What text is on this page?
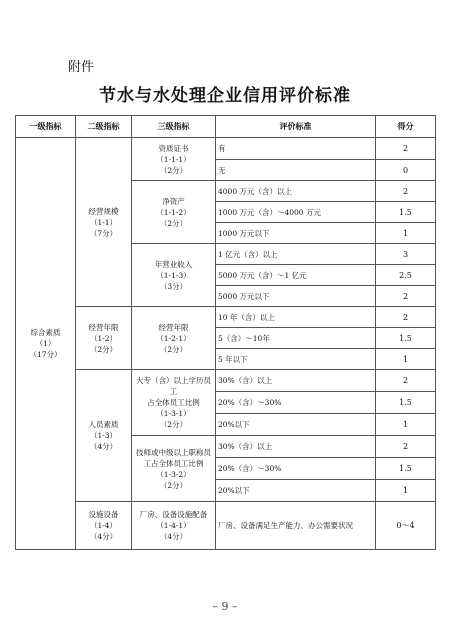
附件
节水与水处理企业信用评价标准
一级指标	二级指标	三级指标	评价标准	得分

综合素质
（1）
（17分）	经营规模
（1-1）
（7分）	资质证书
（1-1-1）
（2分）	有	2
			无	0

		净资产
（1-1-2）
（2分）	4000 万元（含）以上	2
			1000 万元（含）～4000 万元	1.5
			1000 万元以下	1

		年营业收入
（1-1-3）
（3分）	1 亿元（含）以上	3
			5000 万元（含）～1 亿元	2.5
			5000 万元以下	2

	经营年限
（1-2）
（2分）	经营年限
（1-2-1）
（2分）	10 年（含）以上	2
			5（含）～10年	1.5
			5 年以下	1

	人员素质
（1-3）
（4分）	大专（含）以上学历员工
占全体员工比例
（1-3-1）
（2分）	30%（含）以上	2
			20%（含）～30%	1.5
			20%以下	1

		技师或中级以上职称员
工占全体员工比例
（1-3-2）
（2分）	30%（含）以上	2
			20%（含）～30%	1.5
			20%以下	1

	设施设备
（1-4）
（4分）	厂房、设备设施配备
（1-4-1）
（4分）	厂房、设备满足生产能力、办公需要状况	0～4
– 9 –
